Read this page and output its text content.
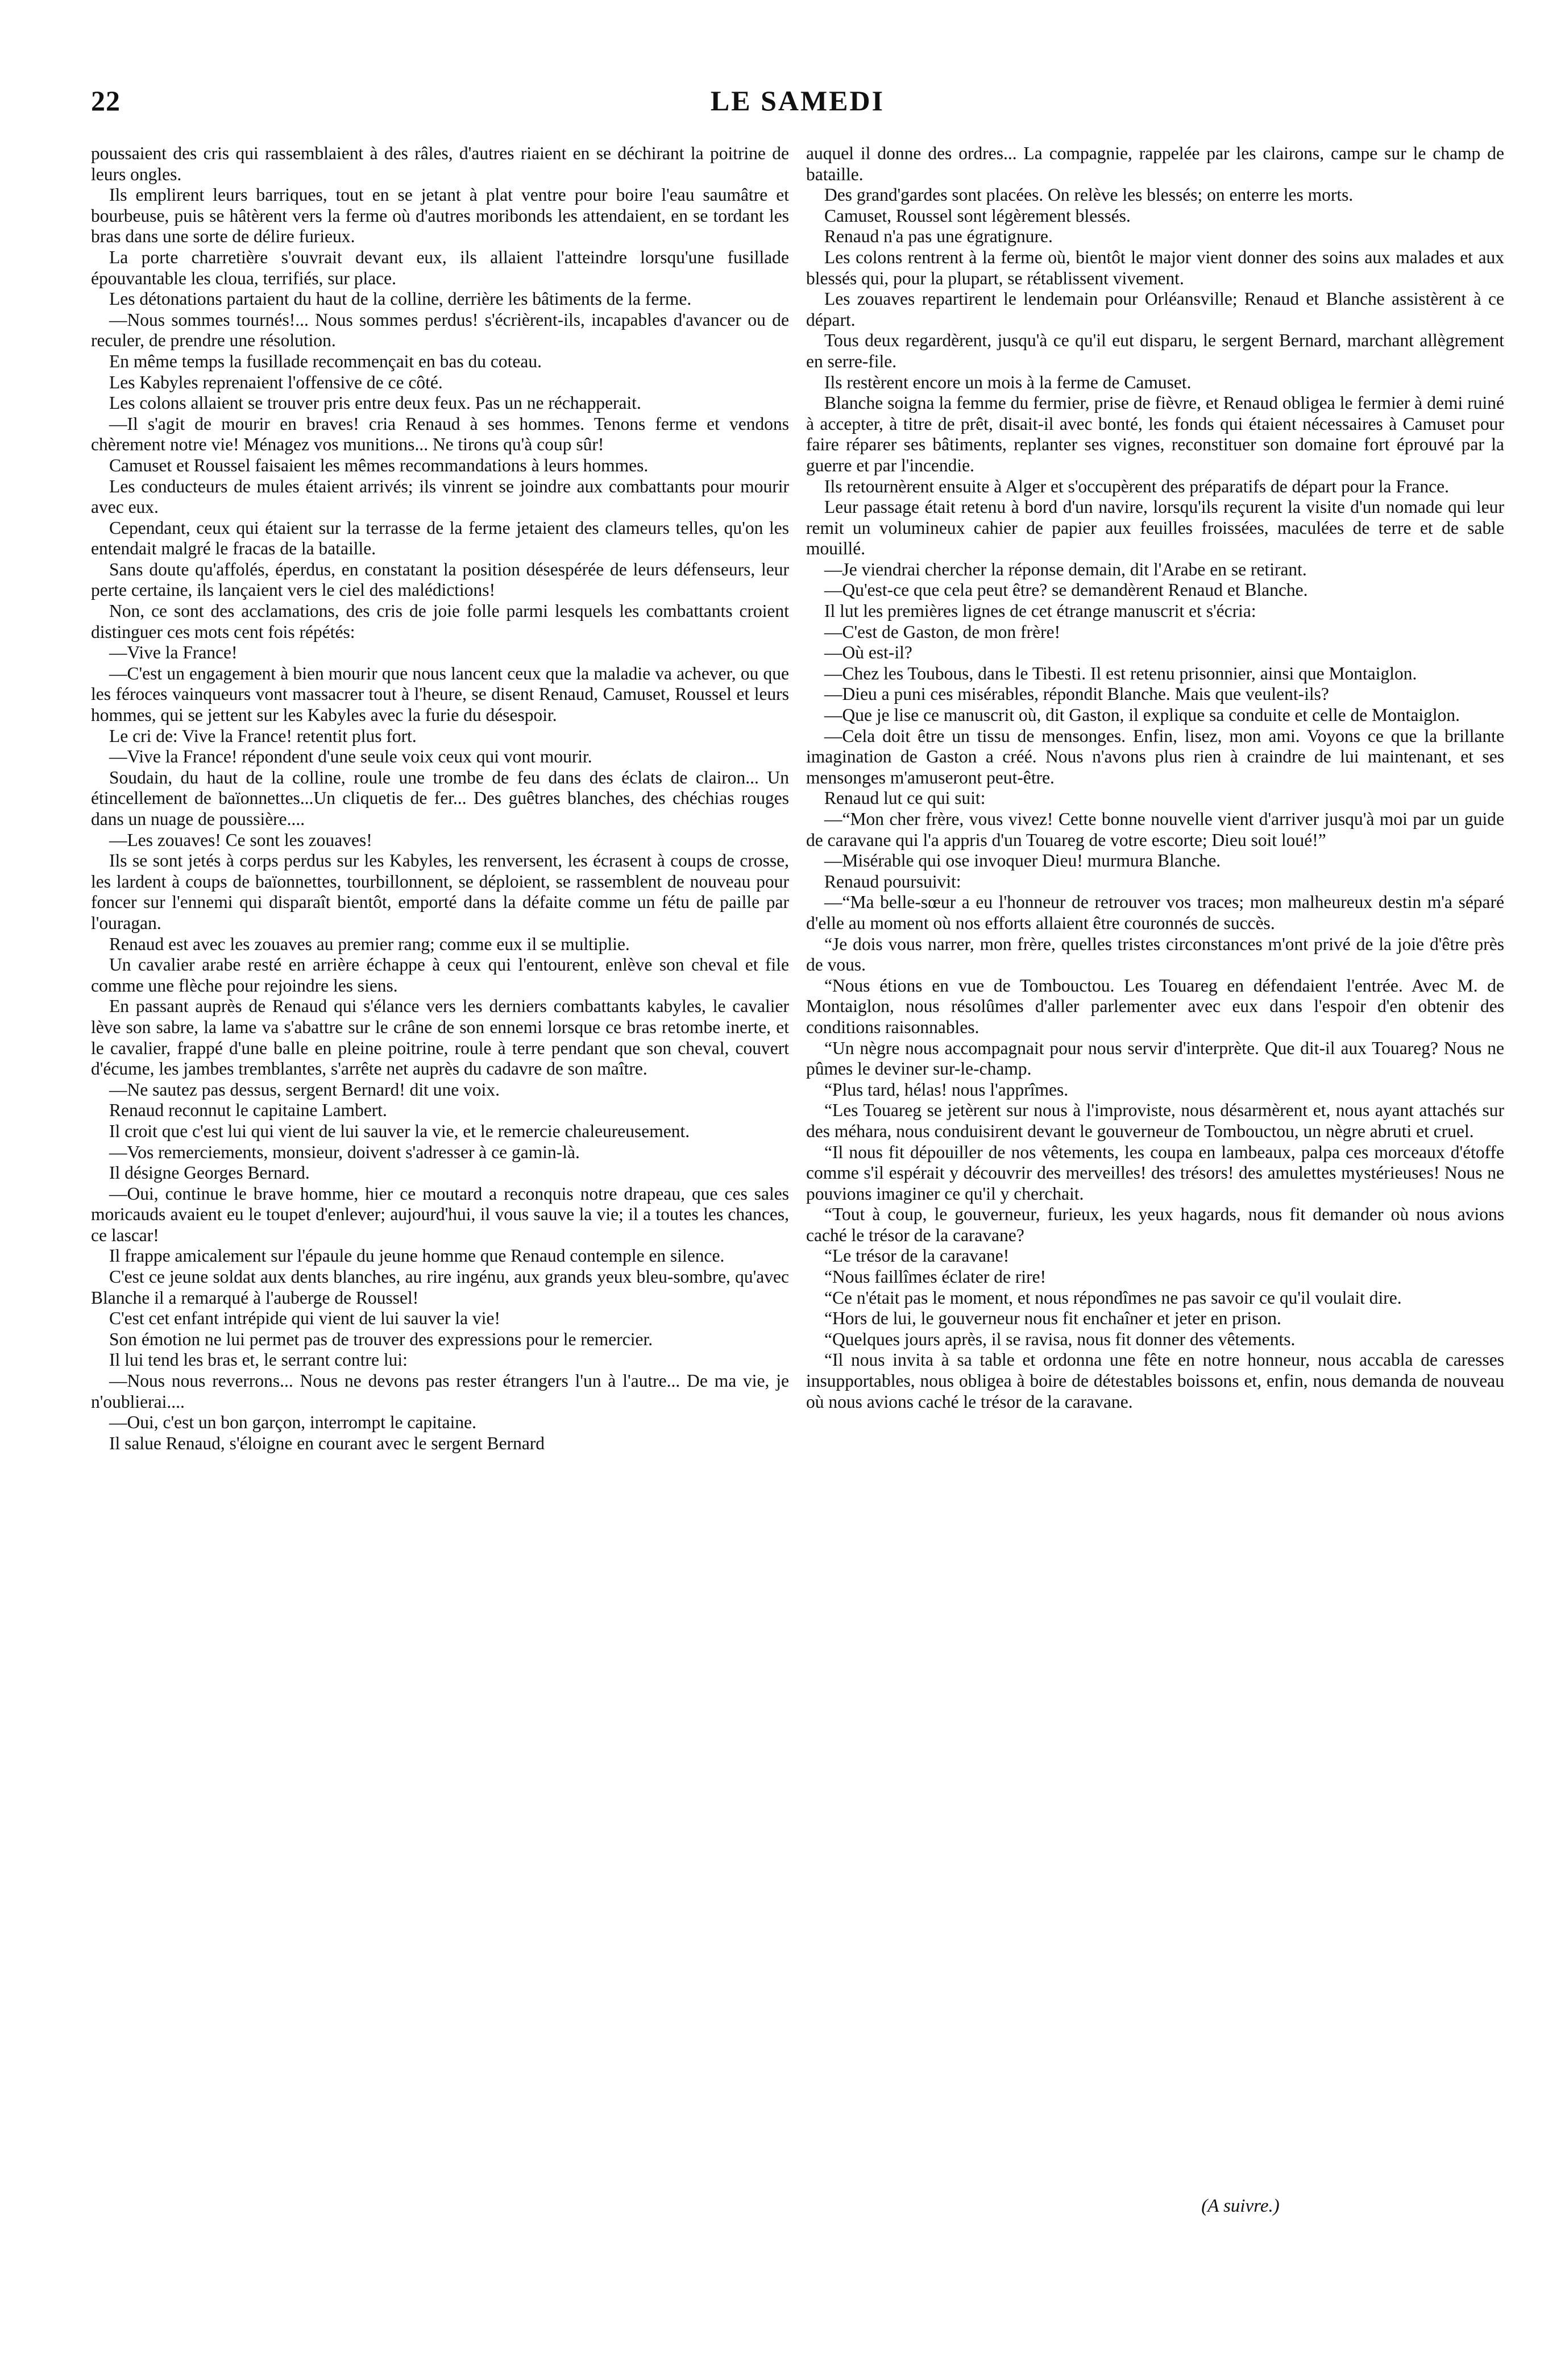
22	LE SAMEDI

poussaient des cris qui rassemblaient à des râles, d'autres riaient en se déchirant la poitrine de leurs ongles.

Ils emplirent leurs barriques, tout en se jetant à plat ventre pour boire l'eau saumâtre et bourbeuse, puis se hâtèrent vers la ferme où d'autres moribonds les attendaient, en se tordant les bras dans une sorte de délire furieux.

La porte charretière s'ouvrait devant eux, ils allaient l'atteindre lorsqu'une fusillade épouvantable les cloua, terrifiés, sur place.

Les détonations partaient du haut de la colline, derrière les bâtiments de la ferme.

—Nous sommes tournés!... Nous sommes perdus! s'écrièrent-ils, incapables d'avancer ou de reculer, de prendre une résolution.

En même temps la fusillade recommençait en bas du coteau.

Les Kabyles reprenaient l'offensive de ce côté.

Les colons allaient se trouver pris entre deux feux. Pas un ne réchapperait.

—Il s'agit de mourir en braves! cria Renaud à ses hommes. Tenons ferme et vendons chèrement notre vie! Ménagez vos munitions... Ne tirons qu'à coup sûr!

Camuset et Roussel faisaient les mêmes recommandations à leurs hommes.

Les conducteurs de mules étaient arrivés; ils vinrent se joindre aux combattants pour mourir avec eux.

Cependant, ceux qui étaient sur la terrasse de la ferme jetaient des clameurs telles, qu'on les entendait malgré le fracas de la bataille.

Sans doute qu'affolés, éperdus, en constatant la position désespérée de leurs défenseurs, leur perte certaine, ils lançaient vers le ciel des malédictions!

Non, ce sont des acclamations, des cris de joie folle parmi lesquels les combattants croient distinguer ces mots cent fois répétés:

—Vive la France!

—C'est un engagement à bien mourir que nous lancent ceux que la maladie va achever, ou que les féroces vainqueurs vont massacrer tout à l'heure, se disent Renaud, Camuset, Roussel et leurs hommes, qui se jettent sur les Kabyles avec la furie du désespoir.

Le cri de: Vive la France! retentit plus fort.

—Vive la France! répondent d'une seule voix ceux qui vont mourir.

Soudain, du haut de la colline, roule une trombe de feu dans des éclats de clairon... Un étincellement de baïonnettes...Un cliquetis de fer... Des guêtres blanches, des chéchias rouges dans un nuage de poussière....

—Les zouaves! Ce sont les zouaves!

Ils se sont jetés à corps perdus sur les Kabyles, les renversent, les écrasent à coups de crosse, les lardent à coups de baïonnettes, tourbillonnent, se déploient, se rassemblent de nouveau pour foncer sur l'ennemi qui disparaît bientôt, emporté dans la défaite comme un fétu de paille par l'ouragan.

Renaud est avec les zouaves au premier rang; comme eux il se multiplie.

Un cavalier arabe resté en arrière échappe à ceux qui l'entourent, enlève son cheval et file comme une flèche pour rejoindre les siens.

En passant auprès de Renaud qui s'élance vers les derniers combattants kabyles, le cavalier lève son sabre, la lame va s'abattre sur le crâne de son ennemi lorsque ce bras retombe inerte, et le cavalier, frappé d'une balle en pleine poitrine, roule à terre pendant que son cheval, couvert d'écume, les jambes tremblantes, s'arrête net auprès du cadavre de son maître.

—Ne sautez pas dessus, sergent Bernard! dit une voix.

Renaud reconnut le capitaine Lambert.

Il croit que c'est lui qui vient de lui sauver la vie, et le remercie chaleureusement.

—Vos remerciements, monsieur, doivent s'adresser à ce gamin-là.

Il désigne Georges Bernard.

—Oui, continue le brave homme, hier ce moutard a reconquis notre drapeau, que ces sales moricauds avaient eu le toupet d'enlever; aujourd'hui, il vous sauve la vie; il a toutes les chances, ce lascar!

Il frappe amicalement sur l'épaule du jeune homme que Renaud contemple en silence.

C'est ce jeune soldat aux dents blanches, au rire ingénu, aux grands yeux bleu-sombre, qu'avec Blanche il a remarqué à l'auberge de Roussel!

C'est cet enfant intrépide qui vient de lui sauver la vie!

Son émotion ne lui permet pas de trouver des expressions pour le remercier.

Il lui tend les bras et, le serrant contre lui:

—Nous nous reverrons... Nous ne devons pas rester étrangers l'un à l'autre... De ma vie, je n'oublierai....

—Oui, c'est un bon garçon, interrompt le capitaine.

Il salue Renaud, s'éloigne en courant avec le sergent Bernard

auquel il donne des ordres... La compagnie, rappelée par les clairons, campe sur le champ de bataille.

Des grand'gardes sont placées. On relève les blessés; on enterre les morts.

Camuset, Roussel sont légèrement blessés.

Renaud n'a pas une égratignure.

Les colons rentrent à la ferme où, bientôt le major vient donner des soins aux malades et aux blessés qui, pour la plupart, se rétablissent vivement.

Les zouaves repartirent le lendemain pour Orléansville; Renaud et Blanche assistèrent à ce départ.

Tous deux regardèrent, jusqu'à ce qu'il eut disparu, le sergent Bernard, marchant allègrement en serre-file.

Ils restèrent encore un mois à la ferme de Camuset.

Blanche soigna la femme du fermier, prise de fièvre, et Renaud obligea le fermier à demi ruiné à accepter, à titre de prêt, disait-il avec bonté, les fonds qui étaient nécessaires à Camuset pour faire réparer ses bâtiments, replanter ses vignes, reconstituer son domaine fort éprouvé par la guerre et par l'incendie.

Ils retournèrent ensuite à Alger et s'occupèrent des préparatifs de départ pour la France.

Leur passage était retenu à bord d'un navire, lorsqu'ils reçurent la visite d'un nomade qui leur remit un volumineux cahier de papier aux feuilles froissées, maculées de terre et de sable mouillé.

—Je viendrai chercher la réponse demain, dit l'Arabe en se retirant.

—Qu'est-ce que cela peut être? se demandèrent Renaud et Blanche.

Il lut les premières lignes de cet étrange manuscrit et s'écria:

—C'est de Gaston, de mon frère!

—Où est-il?

—Chez les Toubous, dans le Tibesti. Il est retenu prisonnier, ainsi que Montaiglon.

—Dieu a puni ces misérables, répondit Blanche. Mais que veulent-ils?

—Que je lise ce manuscrit où, dit Gaston, il explique sa conduite et celle de Montaiglon.

—Cela doit être un tissu de mensonges. Enfin, lisez, mon ami. Voyons ce que la brillante imagination de Gaston a créé. Nous n'avons plus rien à craindre de lui maintenant, et ses mensonges m'amuseront peut-être.

Renaud lut ce qui suit:

—“Mon cher frère, vous vivez! Cette bonne nouvelle vient d'arriver jusqu'à moi par un guide de caravane qui l'a appris d'un Touareg de votre escorte; Dieu soit loué!”

—Misérable qui ose invoquer Dieu! murmura Blanche.

Renaud poursuivit:

—“Ma belle-sœur a eu l'honneur de retrouver vos traces; mon malheureux destin m'a séparé d'elle au moment où nos efforts allaient être couronnés de succès.

“Je dois vous narrer, mon frère, quelles tristes circonstances m'ont privé de la joie d'être près de vous.

“Nous étions en vue de Tombouctou. Les Touareg en défendaient l'entrée. Avec M. de Montaiglon, nous résolûmes d'aller parlementer avec eux dans l'espoir d'en obtenir des conditions raisonnables.

“Un nègre nous accompagnait pour nous servir d'interprète. Que dit-il aux Touareg? Nous ne pûmes le deviner sur-le-champ.

“Plus tard, hélas! nous l'apprîmes.

“Les Touareg se jetèrent sur nous à l'improviste, nous désarmèrent et, nous ayant attachés sur des méhara, nous conduisirent devant le gouverneur de Tombouctou, un nègre abruti et cruel.

“Il nous fit dépouiller de nos vêtements, les coupa en lambeaux, palpa ces morceaux d'étoffe comme s'il espérait y découvrir des merveilles! des trésors! des amulettes mystérieuses! Nous ne pouvions imaginer ce qu'il y cherchait.

“Tout à coup, le gouverneur, furieux, les yeux hagards, nous fit demander où nous avions caché le trésor de la caravane?

“Le trésor de la caravane!

“Nous faillîmes éclater de rire!

“Ce n'était pas le moment, et nous répondîmes ne pas savoir ce qu'il voulait dire.

“Hors de lui, le gouverneur nous fit enchaîner et jeter en prison.

“Quelques jours après, il se ravisa, nous fit donner des vêtements.

“Il nous invita à sa table et ordonna une fête en notre honneur, nous accabla de caresses insupportables, nous obligea à boire de détestables boissons et, enfin, nous demanda de nouveau où nous avions caché le trésor de la caravane.

(A suivre.)
